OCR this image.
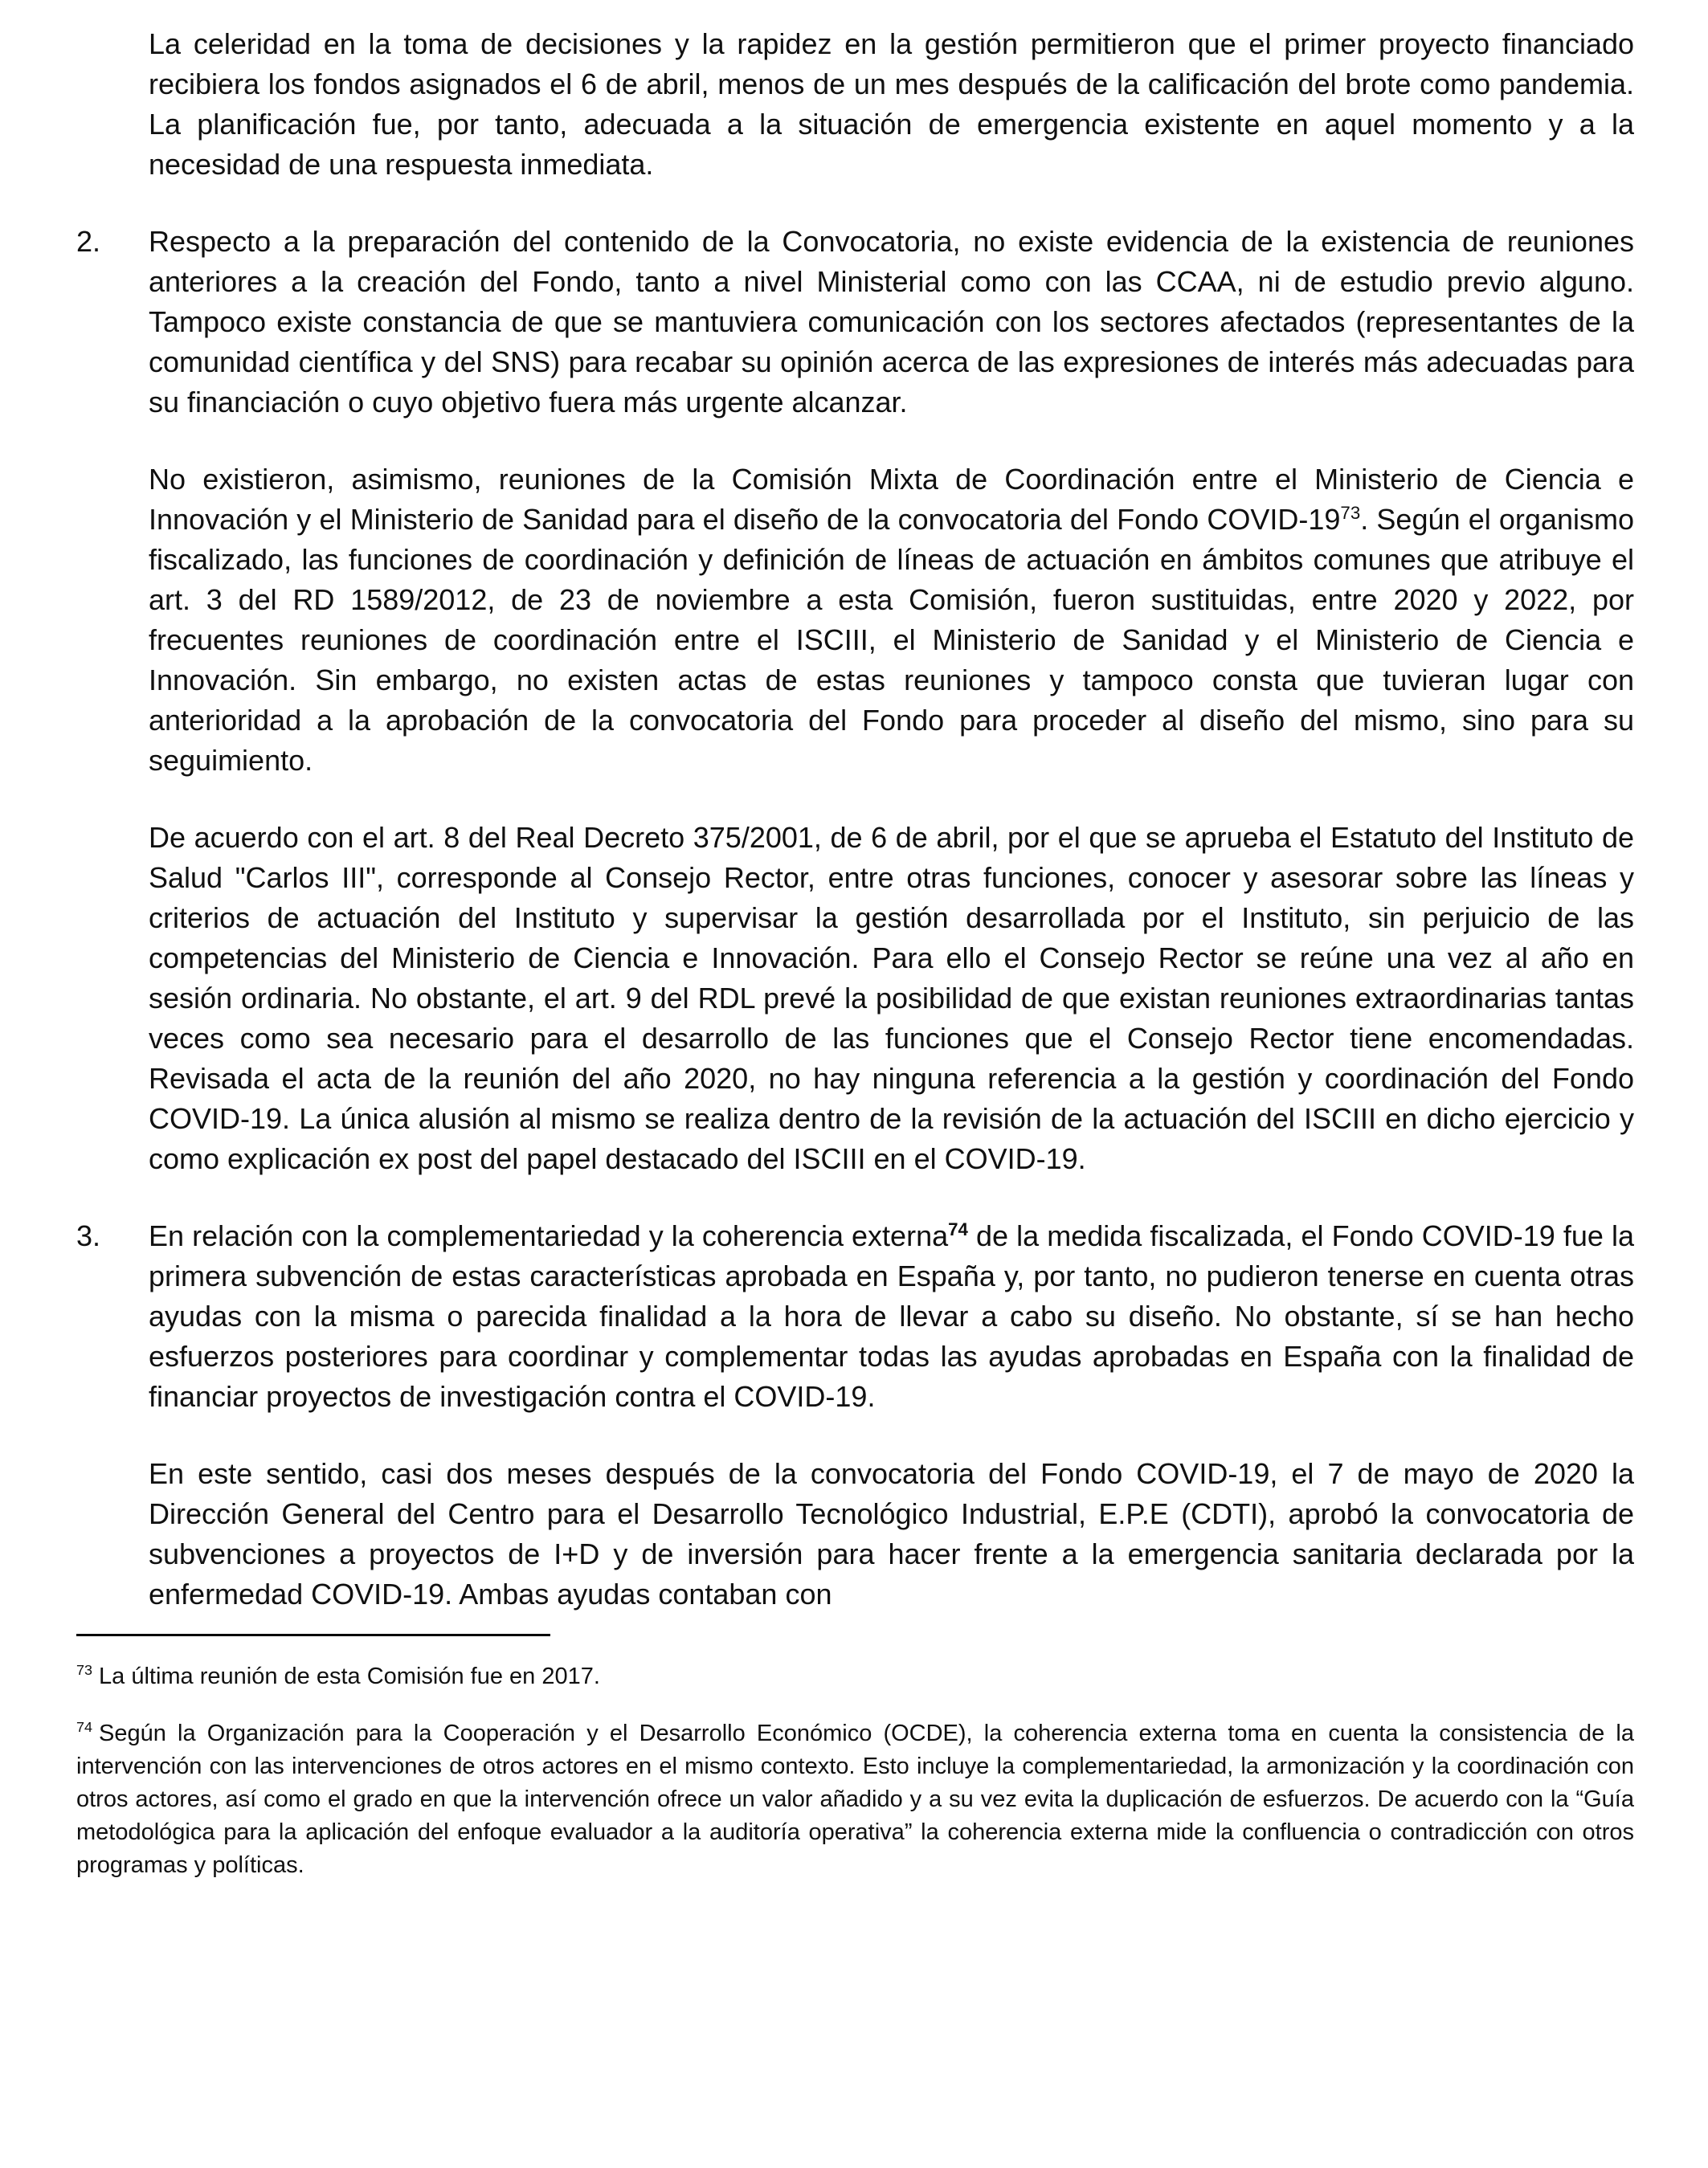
La celeridad en la toma de decisiones y la rapidez en la gestión permitieron que el primer proyecto financiado recibiera los fondos asignados el 6 de abril, menos de un mes después de la calificación del brote como pandemia. La planificación fue, por tanto, adecuada a la situación de emergencia existente en aquel momento y a la necesidad de una respuesta inmediata.

2. Respecto a la preparación del contenido de la Convocatoria, no existe evidencia de la existencia de reuniones anteriores a la creación del Fondo, tanto a nivel Ministerial como con las CCAA, ni de estudio previo alguno. Tampoco existe constancia de que se mantuviera comunicación con los sectores afectados (representantes de la comunidad científica y del SNS) para recabar su opinión acerca de las expresiones de interés más adecuadas para su financiación o cuyo objetivo fuera más urgente alcanzar.

No existieron, asimismo, reuniones de la Comisión Mixta de Coordinación entre el Ministerio de Ciencia e Innovación y el Ministerio de Sanidad para el diseño de la convocatoria del Fondo COVID-19$^{73}$. Según el organismo fiscalizado, las funciones de coordinación y definición de líneas de actuación en ámbitos comunes que atribuye el art. 3 del RD 1589/2012, de 23 de noviembre a esta Comisión, fueron sustituidas, entre 2020 y 2022, por frecuentes reuniones de coordinación entre el ISCIII, el Ministerio de Sanidad y el Ministerio de Ciencia e Innovación. Sin embargo, no existen actas de estas reuniones y tampoco consta que tuvieran lugar con anterioridad a la aprobación de la convocatoria del Fondo para proceder al diseño del mismo, sino para su seguimiento.

De acuerdo con el art. 8 del Real Decreto 375/2001, de 6 de abril, por el que se aprueba el Estatuto del Instituto de Salud "Carlos III", corresponde al Consejo Rector, entre otras funciones, conocer y asesorar sobre las líneas y criterios de actuación del Instituto y supervisar la gestión desarrollada por el Instituto, sin perjuicio de las competencias del Ministerio de Ciencia e Innovación. Para ello el Consejo Rector se reúne una vez al año en sesión ordinaria. No obstante, el art. 9 del RDL prevé la posibilidad de que existan reuniones extraordinarias tantas veces como sea necesario para el desarrollo de las funciones que el Consejo Rector tiene encomendadas. Revisada el acta de la reunión del año 2020, no hay ninguna referencia a la gestión y coordinación del Fondo COVID-19. La única alusión al mismo se realiza dentro de la revisión de la actuación del ISCIII en dicho ejercicio y como explicación ex post del papel destacado del ISCIII en el COVID-19.

3. En relación con la complementariedad y la coherencia externa$^{74}$ de la medida fiscalizada, el Fondo COVID-19 fue la primera subvención de estas características aprobada en España y, por tanto, no pudieron tenerse en cuenta otras ayudas con la misma o parecida finalidad a la hora de llevar a cabo su diseño. No obstante, sí se han hecho esfuerzos posteriores para coordinar y complementar todas las ayudas aprobadas en España con la finalidad de financiar proyectos de investigación contra el COVID-19.

En este sentido, casi dos meses después de la convocatoria del Fondo COVID-19, el 7 de mayo de 2020 la Dirección General del Centro para el Desarrollo Tecnológico Industrial, E.P.E (CDTI), aprobó la convocatoria de subvenciones a proyectos de I+D y de inversión para hacer frente a la emergencia sanitaria declarada por la enfermedad COVID-19. Ambas ayudas contaban con

$^{73}$ La última reunión de esta Comisión fue en 2017.

$^{74}$ Según la Organización para la Cooperación y el Desarrollo Económico (OCDE), la coherencia externa toma en cuenta la consistencia de la intervención con las intervenciones de otros actores en el mismo contexto. Esto incluye la complementariedad, la armonización y la coordinación con otros actores, así como el grado en que la intervención ofrece un valor añadido y a su vez evita la duplicación de esfuerzos. De acuerdo con la “Guía metodológica para la aplicación del enfoque evaluador a la auditoría operativa” la coherencia externa mide la confluencia o contradicción con otros programas y políticas.
